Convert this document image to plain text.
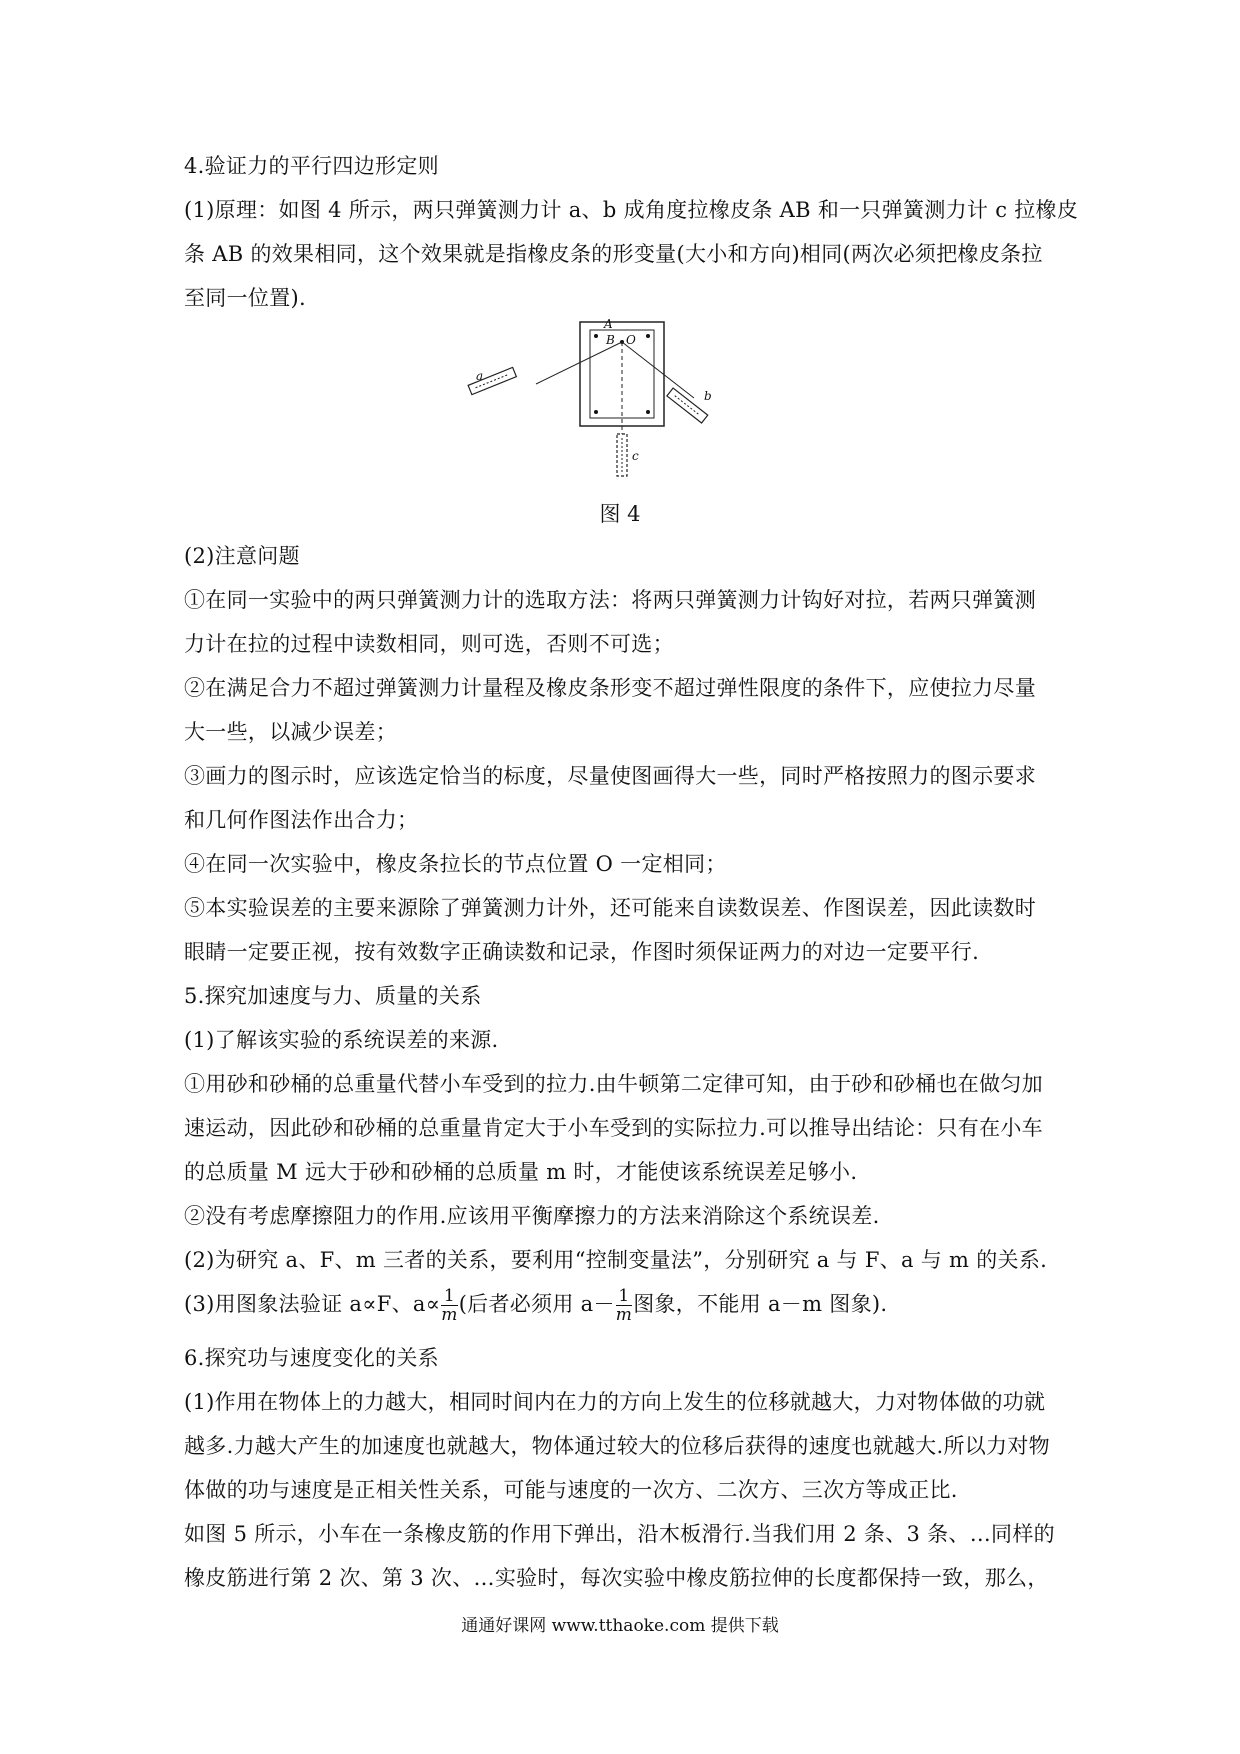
4.验证力的平行四边形定则
(1)原理：如图 4 所示，两只弹簧测力计 a、b 成角度拉橡皮条 AB 和一只弹簧测力计 c 拉橡皮
条 AB 的效果相同，这个效果就是指橡皮条的形变量(大小和方向)相同(两次必须把橡皮条拉
至同一位置).
A
B O
a
b
c
图 4
(2)注意问题
①在同一实验中的两只弹簧测力计的选取方法：将两只弹簧测力计钩好对拉，若两只弹簧测
力计在拉的过程中读数相同，则可选，否则不可选；
②在满足合力不超过弹簧测力计量程及橡皮条形变不超过弹性限度的条件下，应使拉力尽量
大一些，以减少误差；
③画力的图示时，应该选定恰当的标度，尽量使图画得大一些，同时严格按照力的图示要求
和几何作图法作出合力；
④在同一次实验中，橡皮条拉长的节点位置 O 一定相同；
⑤本实验误差的主要来源除了弹簧测力计外，还可能来自读数误差、作图误差，因此读数时
眼睛一定要正视，按有效数字正确读数和记录，作图时须保证两力的对边一定要平行.
5.探究加速度与力、质量的关系
(1)了解该实验的系统误差的来源.
①用砂和砂桶的总重量代替小车受到的拉力.由牛顿第二定律可知，由于砂和砂桶也在做匀加
速运动，因此砂和砂桶的总重量肯定大于小车受到的实际拉力.可以推导出结论：只有在小车
的总质量 M 远大于砂和砂桶的总质量 m 时，才能使该系统误差足够小.
②没有考虑摩擦阻力的作用.应该用平衡摩擦力的方法来消除这个系统误差.
(2)为研究 a、F、m 三者的关系，要利用“控制变量法”，分别研究 a 与 F、a 与 m 的关系.
(3)用图象法验证 a∝F、$a\propto \frac{1}{m}$ (后者必须用 $a- \frac{1}{m}$ 图象，不能用 a－m 图象).
6.探究功与速度变化的关系
(1)作用在物体上的力越大，相同时间内在力的方向上发生的位移就越大，力对物体做的功就
越多.力越大产生的加速度也就越大，物体通过较大的位移后获得的速度也就越大.所以力对物
体做的功与速度是正相关性关系，可能与速度的一次方、二次方、三次方等成正比.
如图 5 所示，小车在一条橡皮筋的作用下弹出，沿木板滑行.当我们用 2 条、3 条、…同样的
橡皮筋进行第 2 次、第 3 次、…实验时，每次实验中橡皮筋拉伸的长度都保持一致，那么，
通通好课网 www.tthaoke.com 提供下载
